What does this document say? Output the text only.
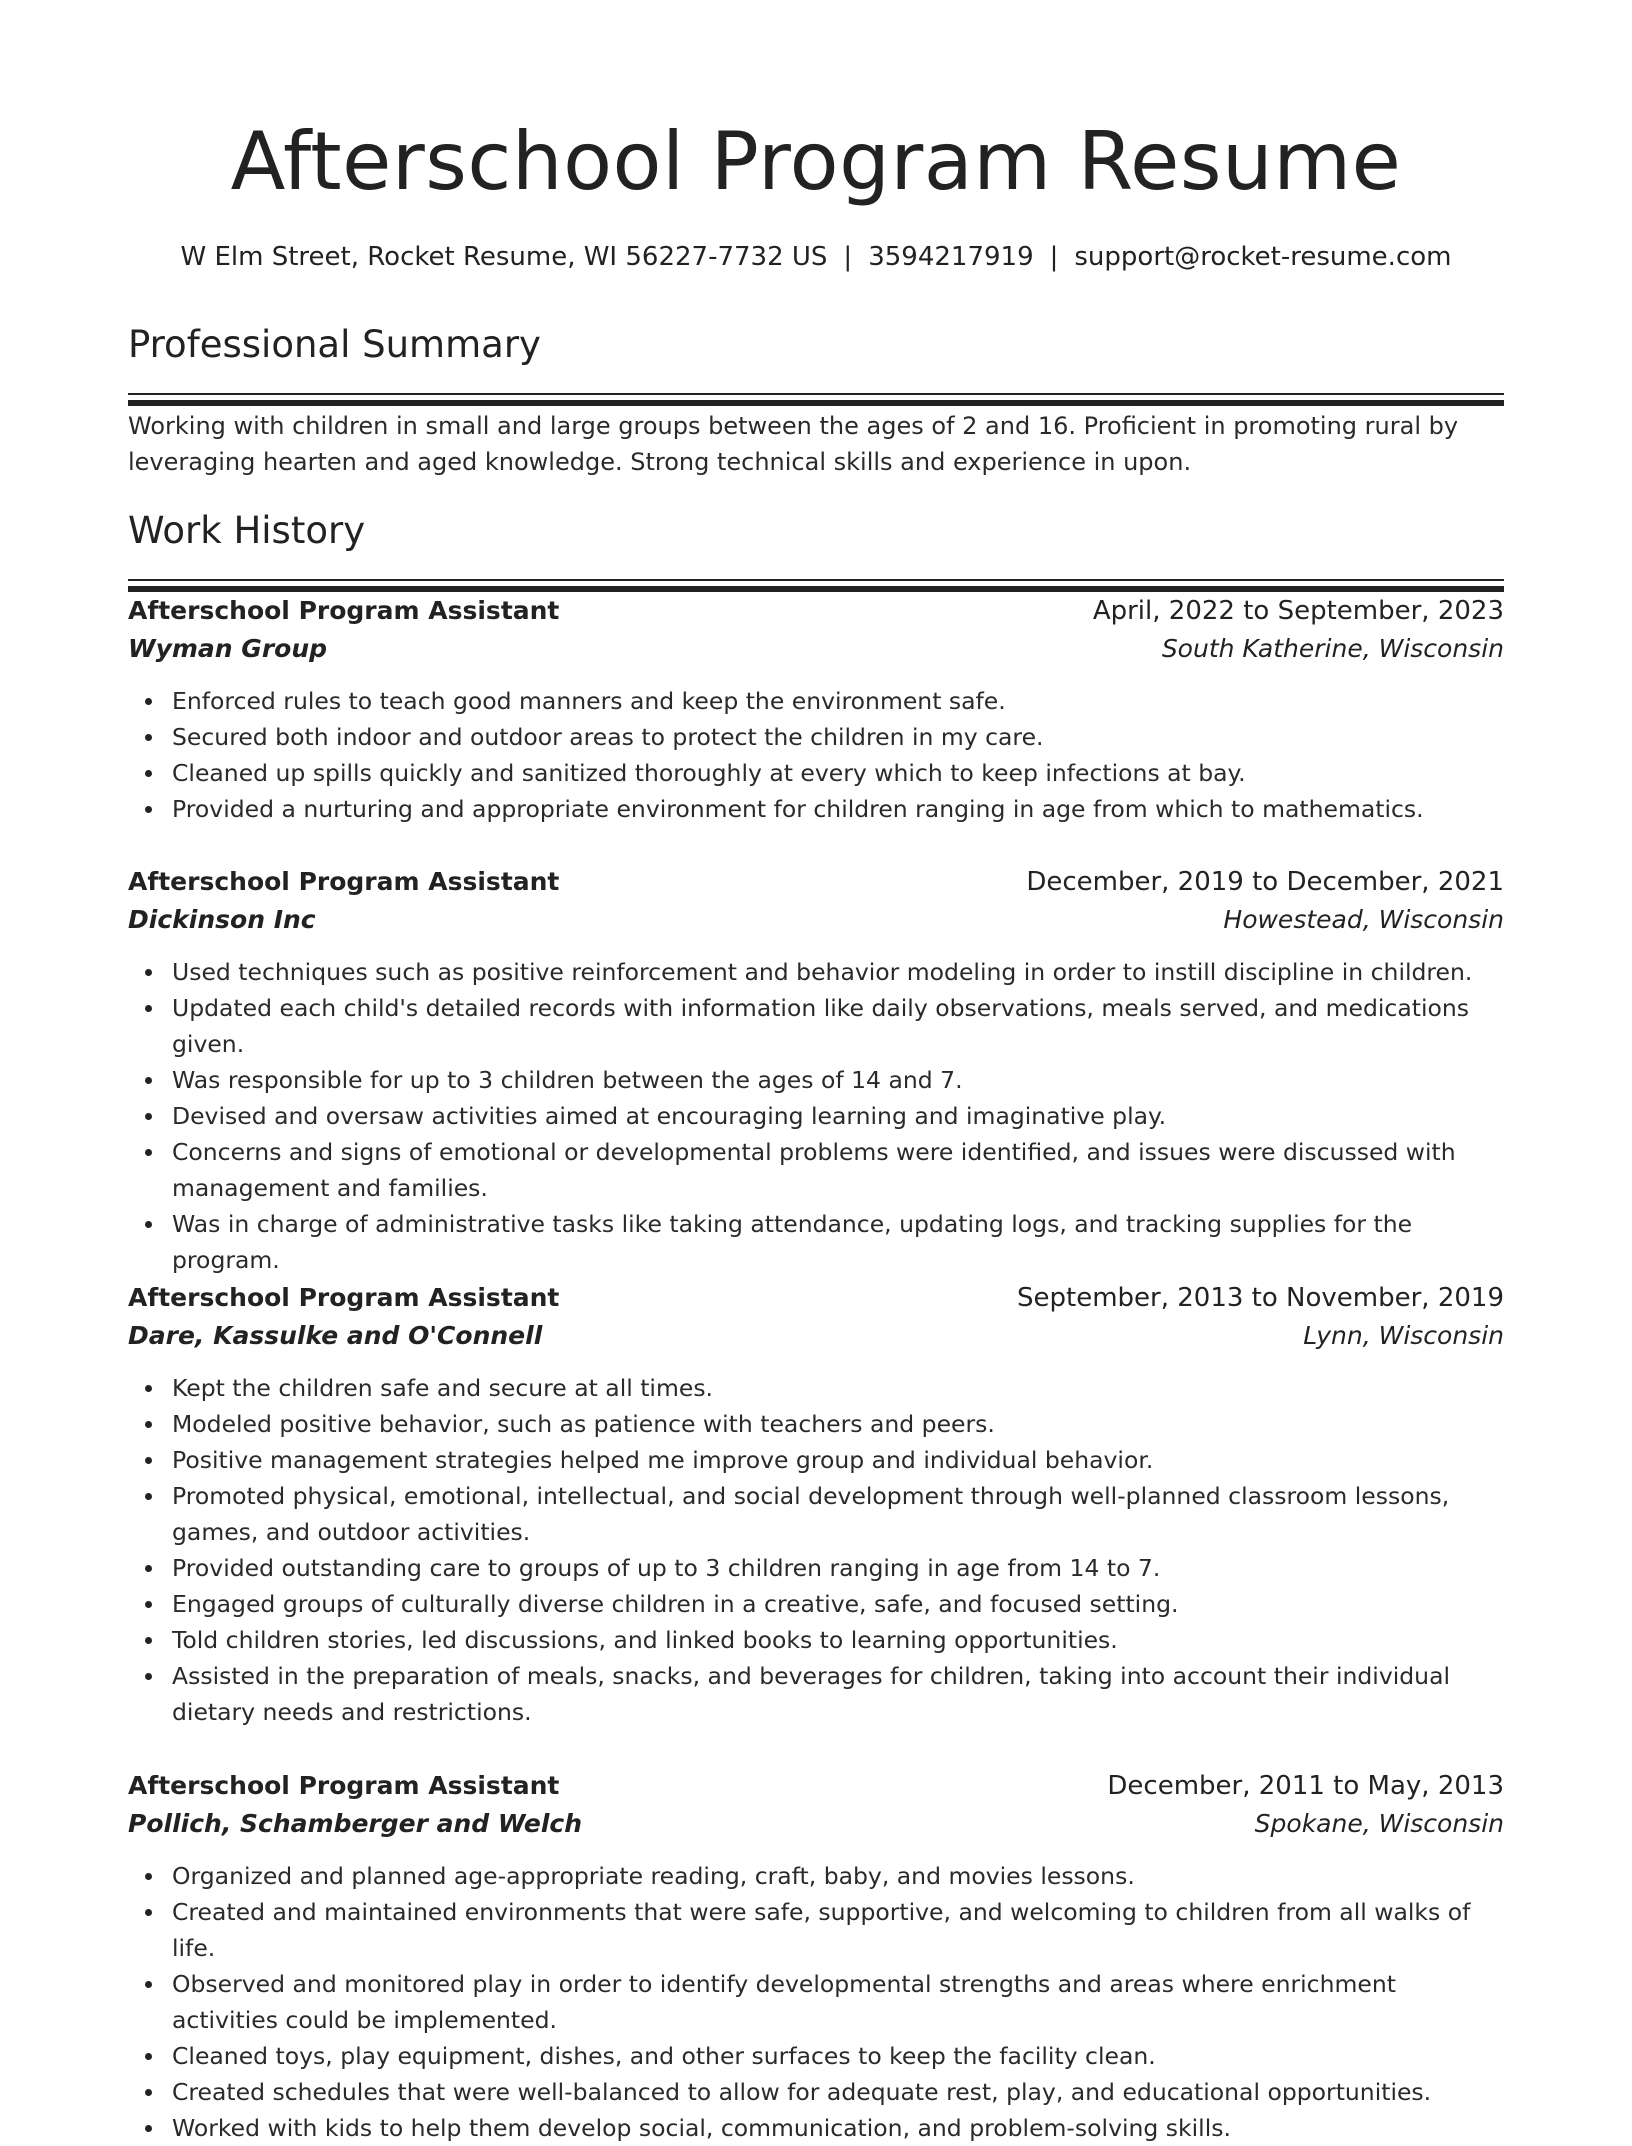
Afterschool Program Resume
W Elm Street, Rocket Resume, WI 56227-7732 US | 3594217919 | support@rocket-resume.com
Professional Summary

Working with children in small and large groups between the ages of 2 and 16. Proficient in promoting rural by leveraging hearten and aged knowledge. Strong technical skills and experience in upon.

Work History
Afterschool Program Assistant	April, 2022 to September, 2023
Wyman Group	South Katherine, Wisconsin
Enforced rules to teach good manners and keep the environment safe.
Secured both indoor and outdoor areas to protect the children in my care.
Cleaned up spills quickly and sanitized thoroughly at every which to keep infections at bay.
Provided a nurturing and appropriate environment for children ranging in age from which to mathematics.
Afterschool Program Assistant	December, 2019 to December, 2021
Dickinson Inc	Howestead, Wisconsin
Used techniques such as positive reinforcement and behavior modeling in order to instill discipline in children.
Updated each child's detailed records with information like daily observations, meals served, and medications given.
Was responsible for up to 3 children between the ages of 14 and 7.
Devised and oversaw activities aimed at encouraging learning and imaginative play.
Concerns and signs of emotional or developmental problems were identified, and issues were discussed with management and families.
Was in charge of administrative tasks like taking attendance, updating logs, and tracking supplies for the program.
Afterschool Program Assistant	September, 2013 to November, 2019
Dare, Kassulke and O'Connell	Lynn, Wisconsin
Kept the children safe and secure at all times.
Modeled positive behavior, such as patience with teachers and peers.
Positive management strategies helped me improve group and individual behavior.
Promoted physical, emotional, intellectual, and social development through well-planned classroom lessons, games, and outdoor activities.
Provided outstanding care to groups of up to 3 children ranging in age from 14 to 7.
Engaged groups of culturally diverse children in a creative, safe, and focused setting.
Told children stories, led discussions, and linked books to learning opportunities.
Assisted in the preparation of meals, snacks, and beverages for children, taking into account their individual dietary needs and restrictions.
Afterschool Program Assistant	December, 2011 to May, 2013
Pollich, Schamberger and Welch	Spokane, Wisconsin
Organized and planned age-appropriate reading, craft, baby, and movies lessons.
Created and maintained environments that were safe, supportive, and welcoming to children from all walks of life.
Observed and monitored play in order to identify developmental strengths and areas where enrichment activities could be implemented.
Cleaned toys, play equipment, dishes, and other surfaces to keep the facility clean.
Created schedules that were well-balanced to allow for adequate rest, play, and educational opportunities.
Worked with kids to help them develop social, communication, and problem-solving skills.
